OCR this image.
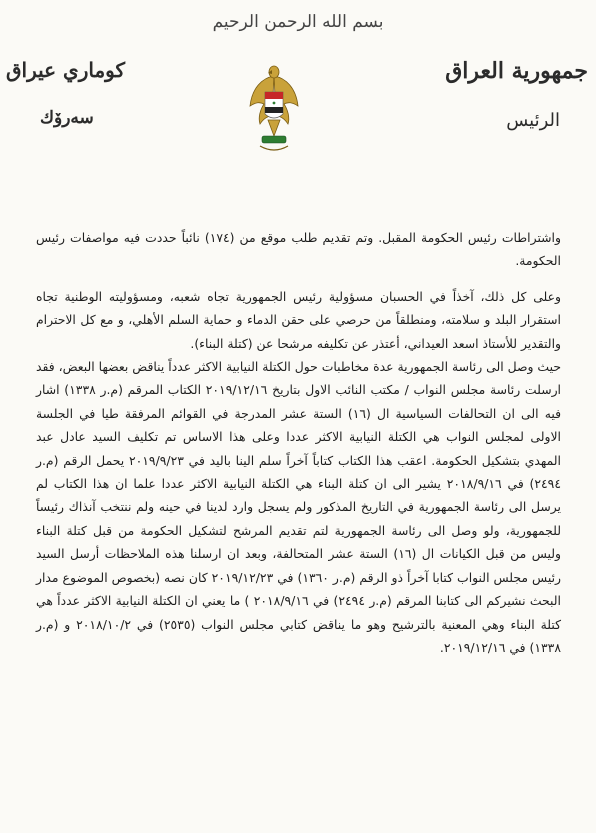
بسم الله الرحمن الرحيم
جمهورية العراق
الرئيس
كوماري عيراق
سەرۆك

واشتراطات رئيس الحكومة المقبل. وتم تقديم طلب موقع من (١٧٤) نائباً حددت فيه مواصفات رئيس الحكومة.

وعلى كل ذلك، آخذاً في الحسبان مسؤولية رئيس الجمهورية تجاه شعبه، ومسؤوليته الوطنية تجاه استقرار البلد و سلامته، ومنطلقاً من حرصي على حقن الدماء و حماية السلم الأهلي، و مع كل الاحترام والتقدير للأستاذ اسعد العيداني، أعتذر عن تكليفه مرشحا عن (كتلة البناء).

حيث وصل الى رئاسة الجمهورية عدة مخاطبات حول الكتلة النيابية الاكثر عدداً يناقض بعضها البعض، فقد ارسلت رئاسة مجلس النواب / مكتب النائب الاول بتاريخ ٢٠١٩/١٢/١٦ الكتاب المرقم (م.ر ١٣٣٨) اشار فيه الى ان التحالفات السياسية ال (١٦) الستة عشر المدرجة في القوائم المرفقة طيا في الجلسة الاولى لمجلس النواب هي الكتلة النيابية الاكثر عددا وعلى هذا الاساس تم تكليف السيد عادل عبد المهدي بتشكيل الحكومة. اعقب هذا الكتاب كتاباً آخراً سلم الينا باليد في ٢٠١٩/٩/٢٣ يحمل الرقم (م.ر ٢٤٩٤) في ٢٠١٨/٩/١٦ يشير الى ان كتلة البناء هي الكتلة النيابية الاكثر عددا علما ان هذا الكتاب لم يرسل الى رئاسة الجمهورية في التاريخ المذكور ولم يسجل وارد لدينا في حينه ولم ننتخب آنذاك رئيساً للجمهورية، ولو وصل الى رئاسة الجمهورية لتم تقديم المرشح لتشكيل الحكومة من قبل كتلة البناء وليس من قبل الكيانات ال (١٦) الستة عشر المتحالفة، وبعد ان ارسلنا هذه الملاحظات أرسل السيد رئيس مجلس النواب كتابا آخراً ذو الرقم (م.ر ١٣٦٠) في ٢٠١٩/١٢/٢٣ كان نصه (بخصوص الموضوع مدار البحث نشيركم الى كتابنا المرقم (م.ر ٢٤٩٤) في ٢٠١٨/٩/١٦ ) ما يعني ان الكتلة النيابية الاكثر عدداً هي كتلة البناء وهي المعنية بالترشيح وهو ما يناقض كتابي مجلس النواب (٢٥٣٥) في ٢٠١٨/١٠/٢ و (م.ر ١٣٣٨) في ٢٠١٩/١٢/١٦.
